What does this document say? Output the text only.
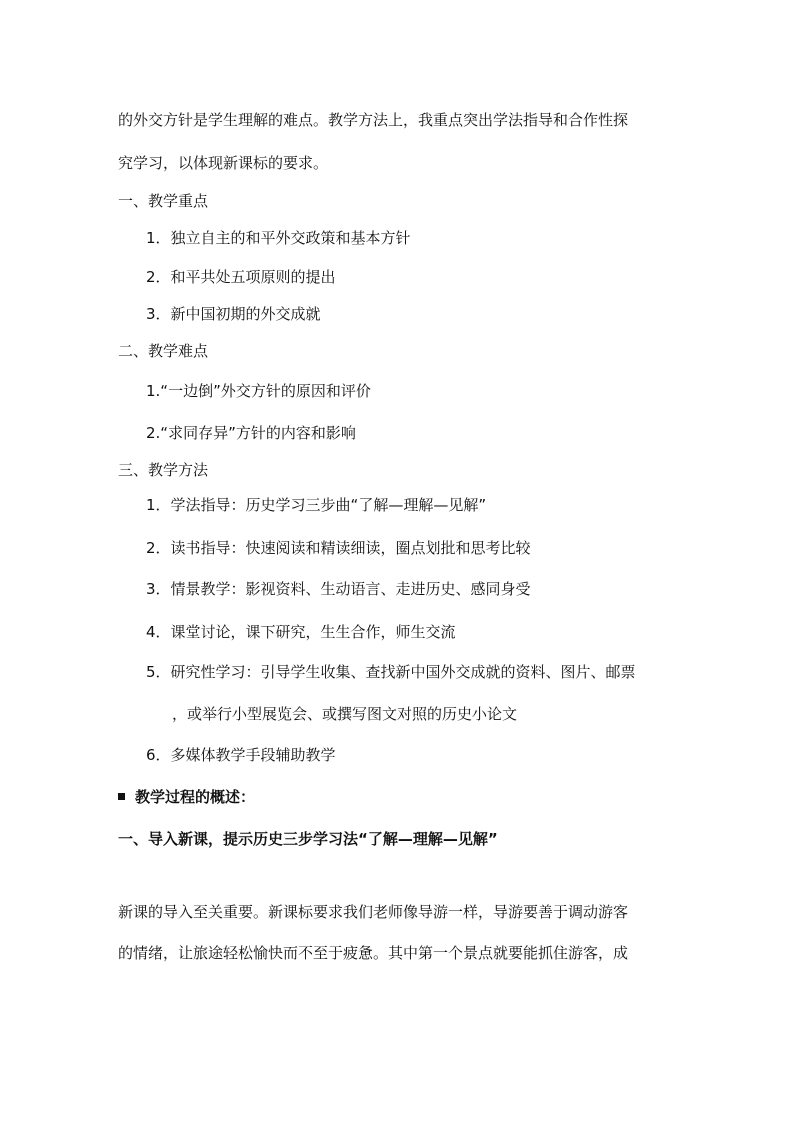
的外交方针是学生理解的难点。教学方法上，我重点突出学法指导和合作性探
究学习，以体现新课标的要求。
一、教学重点
1．独立自主的和平外交政策和基本方针
2．和平共处五项原则的提出
3．新中国初期的外交成就
二、教学难点
1.“一边倒”外交方针的原因和评价
2.“求同存异”方针的内容和影响
三、教学方法
1．学法指导：历史学习三步曲“了解—理解—见解”
2．读书指导：快速阅读和精读细读，圈点划批和思考比较
3．情景教学：影视资料、生动语言、走进历史、感同身受
4．课堂讨论，课下研究，生生合作，师生交流
5．研究性学习：引导学生收集、查找新中国外交成就的资料、图片、邮票
，或举行小型展览会、或撰写图文对照的历史小论文
6．多媒体教学手段辅助教学
教学过程的概述：
一、导入新课，提示历史三步学习法“了解—理解—见解”
新课的导入至关重要。新课标要求我们老师像导游一样，导游要善于调动游客
的情绪，让旅途轻松愉快而不至于疲惫。其中第一个景点就要能抓住游客，成
